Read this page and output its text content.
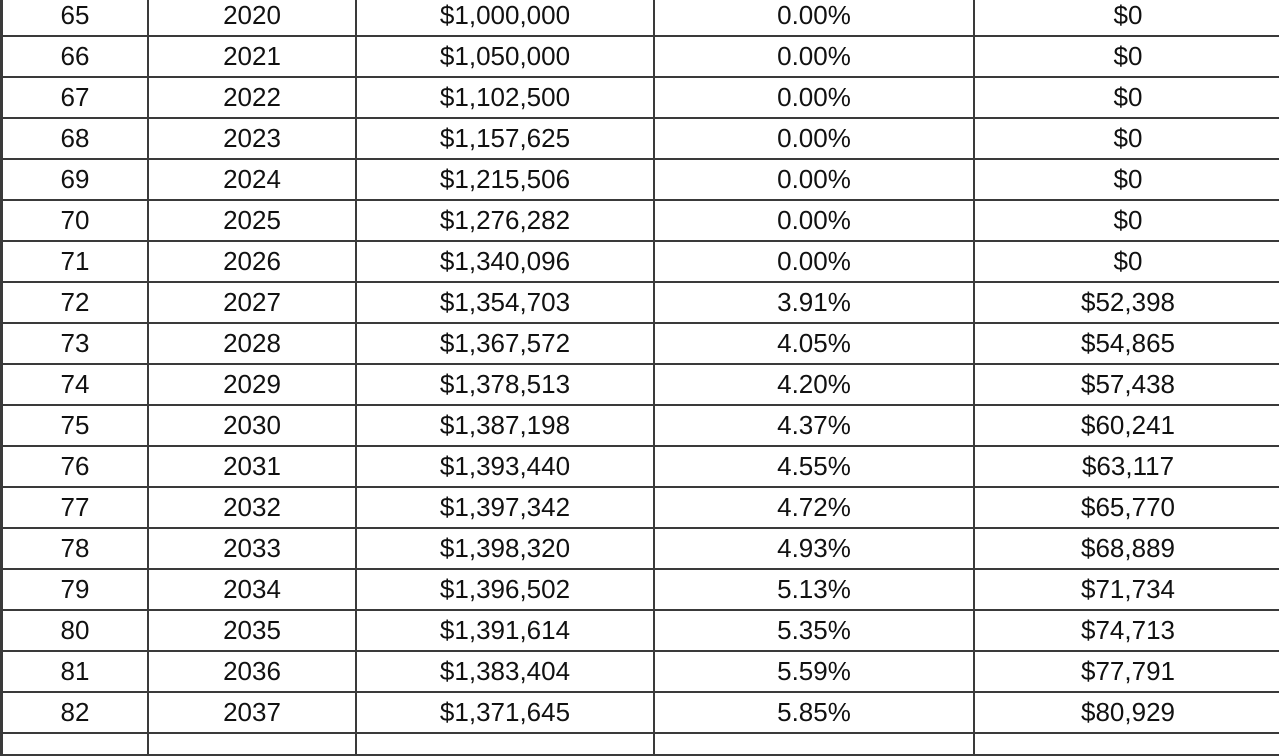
65	2020	$1,000,000	0.00%	$0
66	2021	$1,050,000	0.00%	$0
67	2022	$1,102,500	0.00%	$0
68	2023	$1,157,625	0.00%	$0
69	2024	$1,215,506	0.00%	$0
70	2025	$1,276,282	0.00%	$0
71	2026	$1,340,096	0.00%	$0
72	2027	$1,354,703	3.91%	$52,398
73	2028	$1,367,572	4.05%	$54,865
74	2029	$1,378,513	4.20%	$57,438
75	2030	$1,387,198	4.37%	$60,241
76	2031	$1,393,440	4.55%	$63,117
77	2032	$1,397,342	4.72%	$65,770
78	2033	$1,398,320	4.93%	$68,889
79	2034	$1,396,502	5.13%	$71,734
80	2035	$1,391,614	5.35%	$74,713
81	2036	$1,383,404	5.59%	$77,791
82	2037	$1,371,645	5.85%	$80,929
